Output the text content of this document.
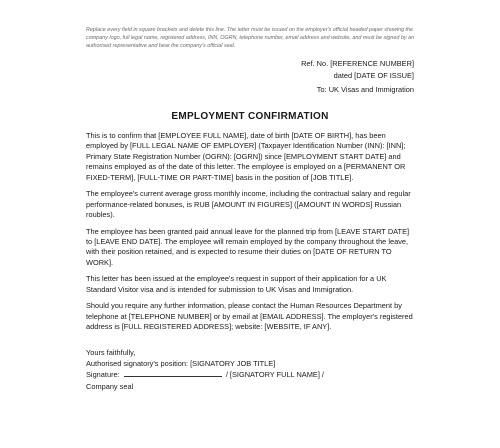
Replace every field in square brackets and delete this line. The letter must be issued on the employer's official headed paper showing the company logo, full legal name, registered address, INN, OGRN, telephone number, email address and website, and must be signed by an authorised representative and bear the company's official seal.

Ref. No. [REFERENCE NUMBER]
dated [DATE OF ISSUE]
To: UK Visas and Immigration
EMPLOYMENT CONFIRMATION

This is to confirm that [EMPLOYEE FULL NAME], date of birth [DATE OF BIRTH], has been employed by [FULL LEGAL NAME OF EMPLOYER] (Taxpayer Identification Number (INN): [INN]; Primary State Registration Number (OGRN): [OGRN]) since [EMPLOYMENT START DATE] and remains employed as of the date of this letter. The employee is employed on a [PERMANENT OR FIXED-TERM], [FULL-TIME OR PART-TIME] basis in the position of [JOB TITLE].

The employee's current average gross monthly income, including the contractual salary and regular performance-related bonuses, is RUB [AMOUNT IN FIGURES] ([AMOUNT IN WORDS] Russian roubles).

The employee has been granted paid annual leave for the planned trip from [LEAVE START DATE] to [LEAVE END DATE]. The employee will remain employed by the company throughout the leave, with their position retained, and is expected to resume their duties on [DATE OF RETURN TO WORK].

This letter has been issued at the employee's request in support of their application for a UK Standard Visitor visa and is intended for submission to UK Visas and Immigration.

Should you require any further information, please contact the Human Resources Department by telephone at [TELEPHONE NUMBER] or by email at [EMAIL ADDRESS]. The employer's registered address is [FULL REGISTERED ADDRESS]; website: [WEBSITE, IF ANY].

Yours faithfully,
Authorised signatory's position: [SIGNATORY JOB TITLE]
Signature:	/ [SIGNATORY FULL NAME] /
Company seal
